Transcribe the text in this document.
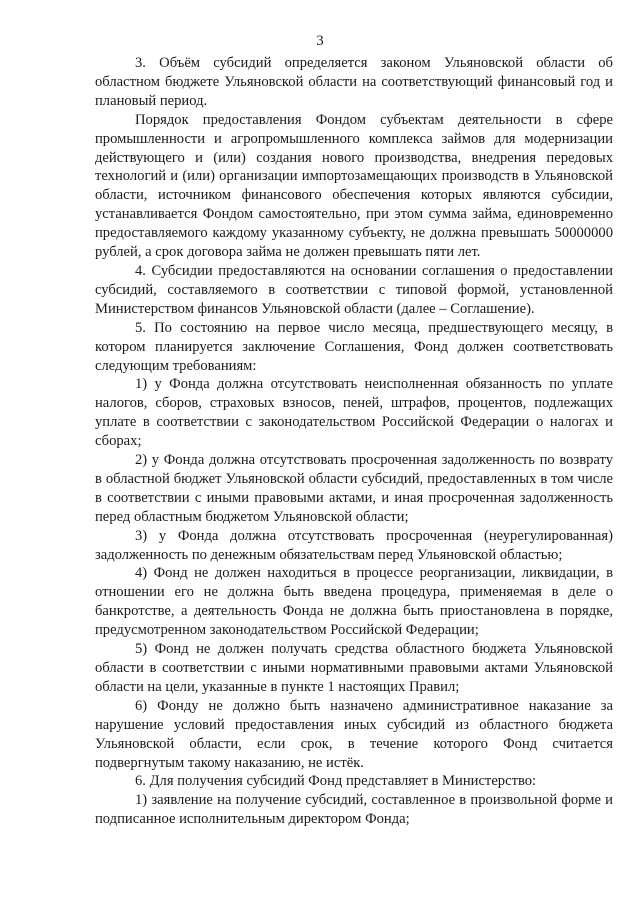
3

3. Объём субсидий определяется законом Ульяновской области об областном бюджете Ульяновской области на соответствующий финансовый год и плановый период.

Порядок предоставления Фондом субъектам деятельности в сфере промышленности и агропромышленного комплекса займов для модернизации действующего и (или) создания нового производства, внедрения передовых технологий и (или) организации импортозамещающих производств в Ульяновской области, источником финансового обеспечения которых являются субсидии, устанавливается Фондом самостоятельно, при этом сумма займа, единовременно предоставляемого каждому указанному субъекту, не должна превышать 50000000 рублей, а срок договора займа не должен превышать пяти лет.

4. Субсидии предоставляются на основании соглашения о предоставлении субсидий, составляемого в соответствии с типовой формой, установленной Министерством финансов Ульяновской области (далее – Соглашение).

5. По состоянию на первое число месяца, предшествующего месяцу, в котором планируется заключение Соглашения, Фонд должен соответствовать следующим требованиям:

1) у Фонда должна отсутствовать неисполненная обязанность по уплате налогов, сборов, страховых взносов, пеней, штрафов, процентов, подлежащих уплате в соответствии с законодательством Российской Федерации о налогах и сборах;

2) у Фонда должна отсутствовать просроченная задолженность по возврату в областной бюджет Ульяновской области субсидий, предоставленных в том числе в соответствии с иными правовыми актами, и иная просроченная задолженность перед областным бюджетом Ульяновской области;

3) у Фонда должна отсутствовать просроченная (неурегулированная) задолженность по денежным обязательствам перед Ульяновской областью;

4) Фонд не должен находиться в процессе реорганизации, ликвидации, в отношении его не должна быть введена процедура, применяемая в деле о банкротстве, а деятельность Фонда не должна быть приостановлена в порядке, предусмотренном законодательством Российской Федерации;

5) Фонд не должен получать средства областного бюджета Ульяновской области в соответствии с иными нормативными правовыми актами Ульяновской области на цели, указанные в пункте 1 настоящих Правил;

6) Фонду не должно быть назначено административное наказание за нарушение условий предоставления иных субсидий из областного бюджета Ульяновской области, если срок, в течение которого Фонд считается подвергнутым такому наказанию, не истёк.

6. Для получения субсидий Фонд представляет в Министерство:

1) заявление на получение субсидий, составленное в произвольной форме и подписанное исполнительным директором Фонда;
